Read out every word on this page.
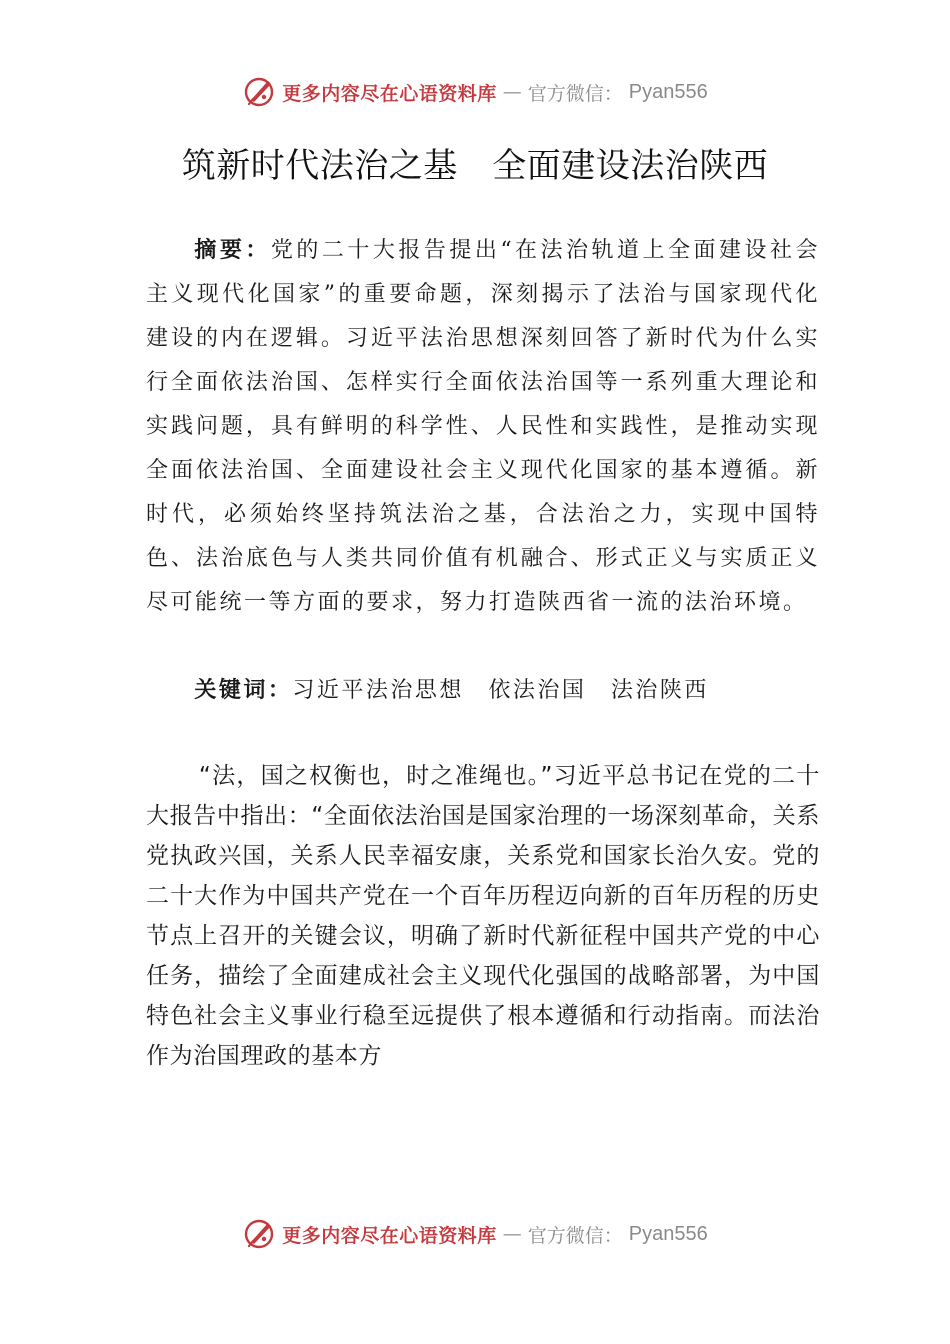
更多内容尽在心语资料库 — 官方微信： Pyan556
筑新时代法治之基　全面建设法治陕西

摘要：党的二十大报告提出“在法治轨道上全面建设社会主义现代化国家”的重要命题，深刻揭示了法治与国家现代化建设的内在逻辑。习近平法治思想深刻回答了新时代为什么实行全面依法治国、怎样实行全面依法治国等一系列重大理论和实践问题，具有鲜明的科学性、人民性和实践性，是推动实现全面依法治国、全面建设社会主义现代化国家的基本遵循。新时代，必须始终坚持筑法治之基，合法治之力，实现中国特色、法治底色与人类共同价值有机融合、形式正义与实质正义尽可能统一等方面的要求，努力打造陕西省一流的法治环境。

关键词：习近平法治思想　依法治国　法治陕西

“法，国之权衡也，时之准绳也。”习近平总书记在党的二十大报告中指出：“全面依法治国是国家治理的一场深刻革命，关系党执政兴国，关系人民幸福安康，关系党和国家长治久安。党的二十大作为中国共产党在一个百年历程迈向新的百年历程的历史节点上召开的关键会议，明确了新时代新征程中国共产党的中心任务，描绘了全面建成社会主义现代化强国的战略部署，为中国特色社会主义事业行稳至远提供了根本遵循和行动指南。而法治作为治国理政的基本方

更多内容尽在心语资料库 — 官方微信： Pyan556
